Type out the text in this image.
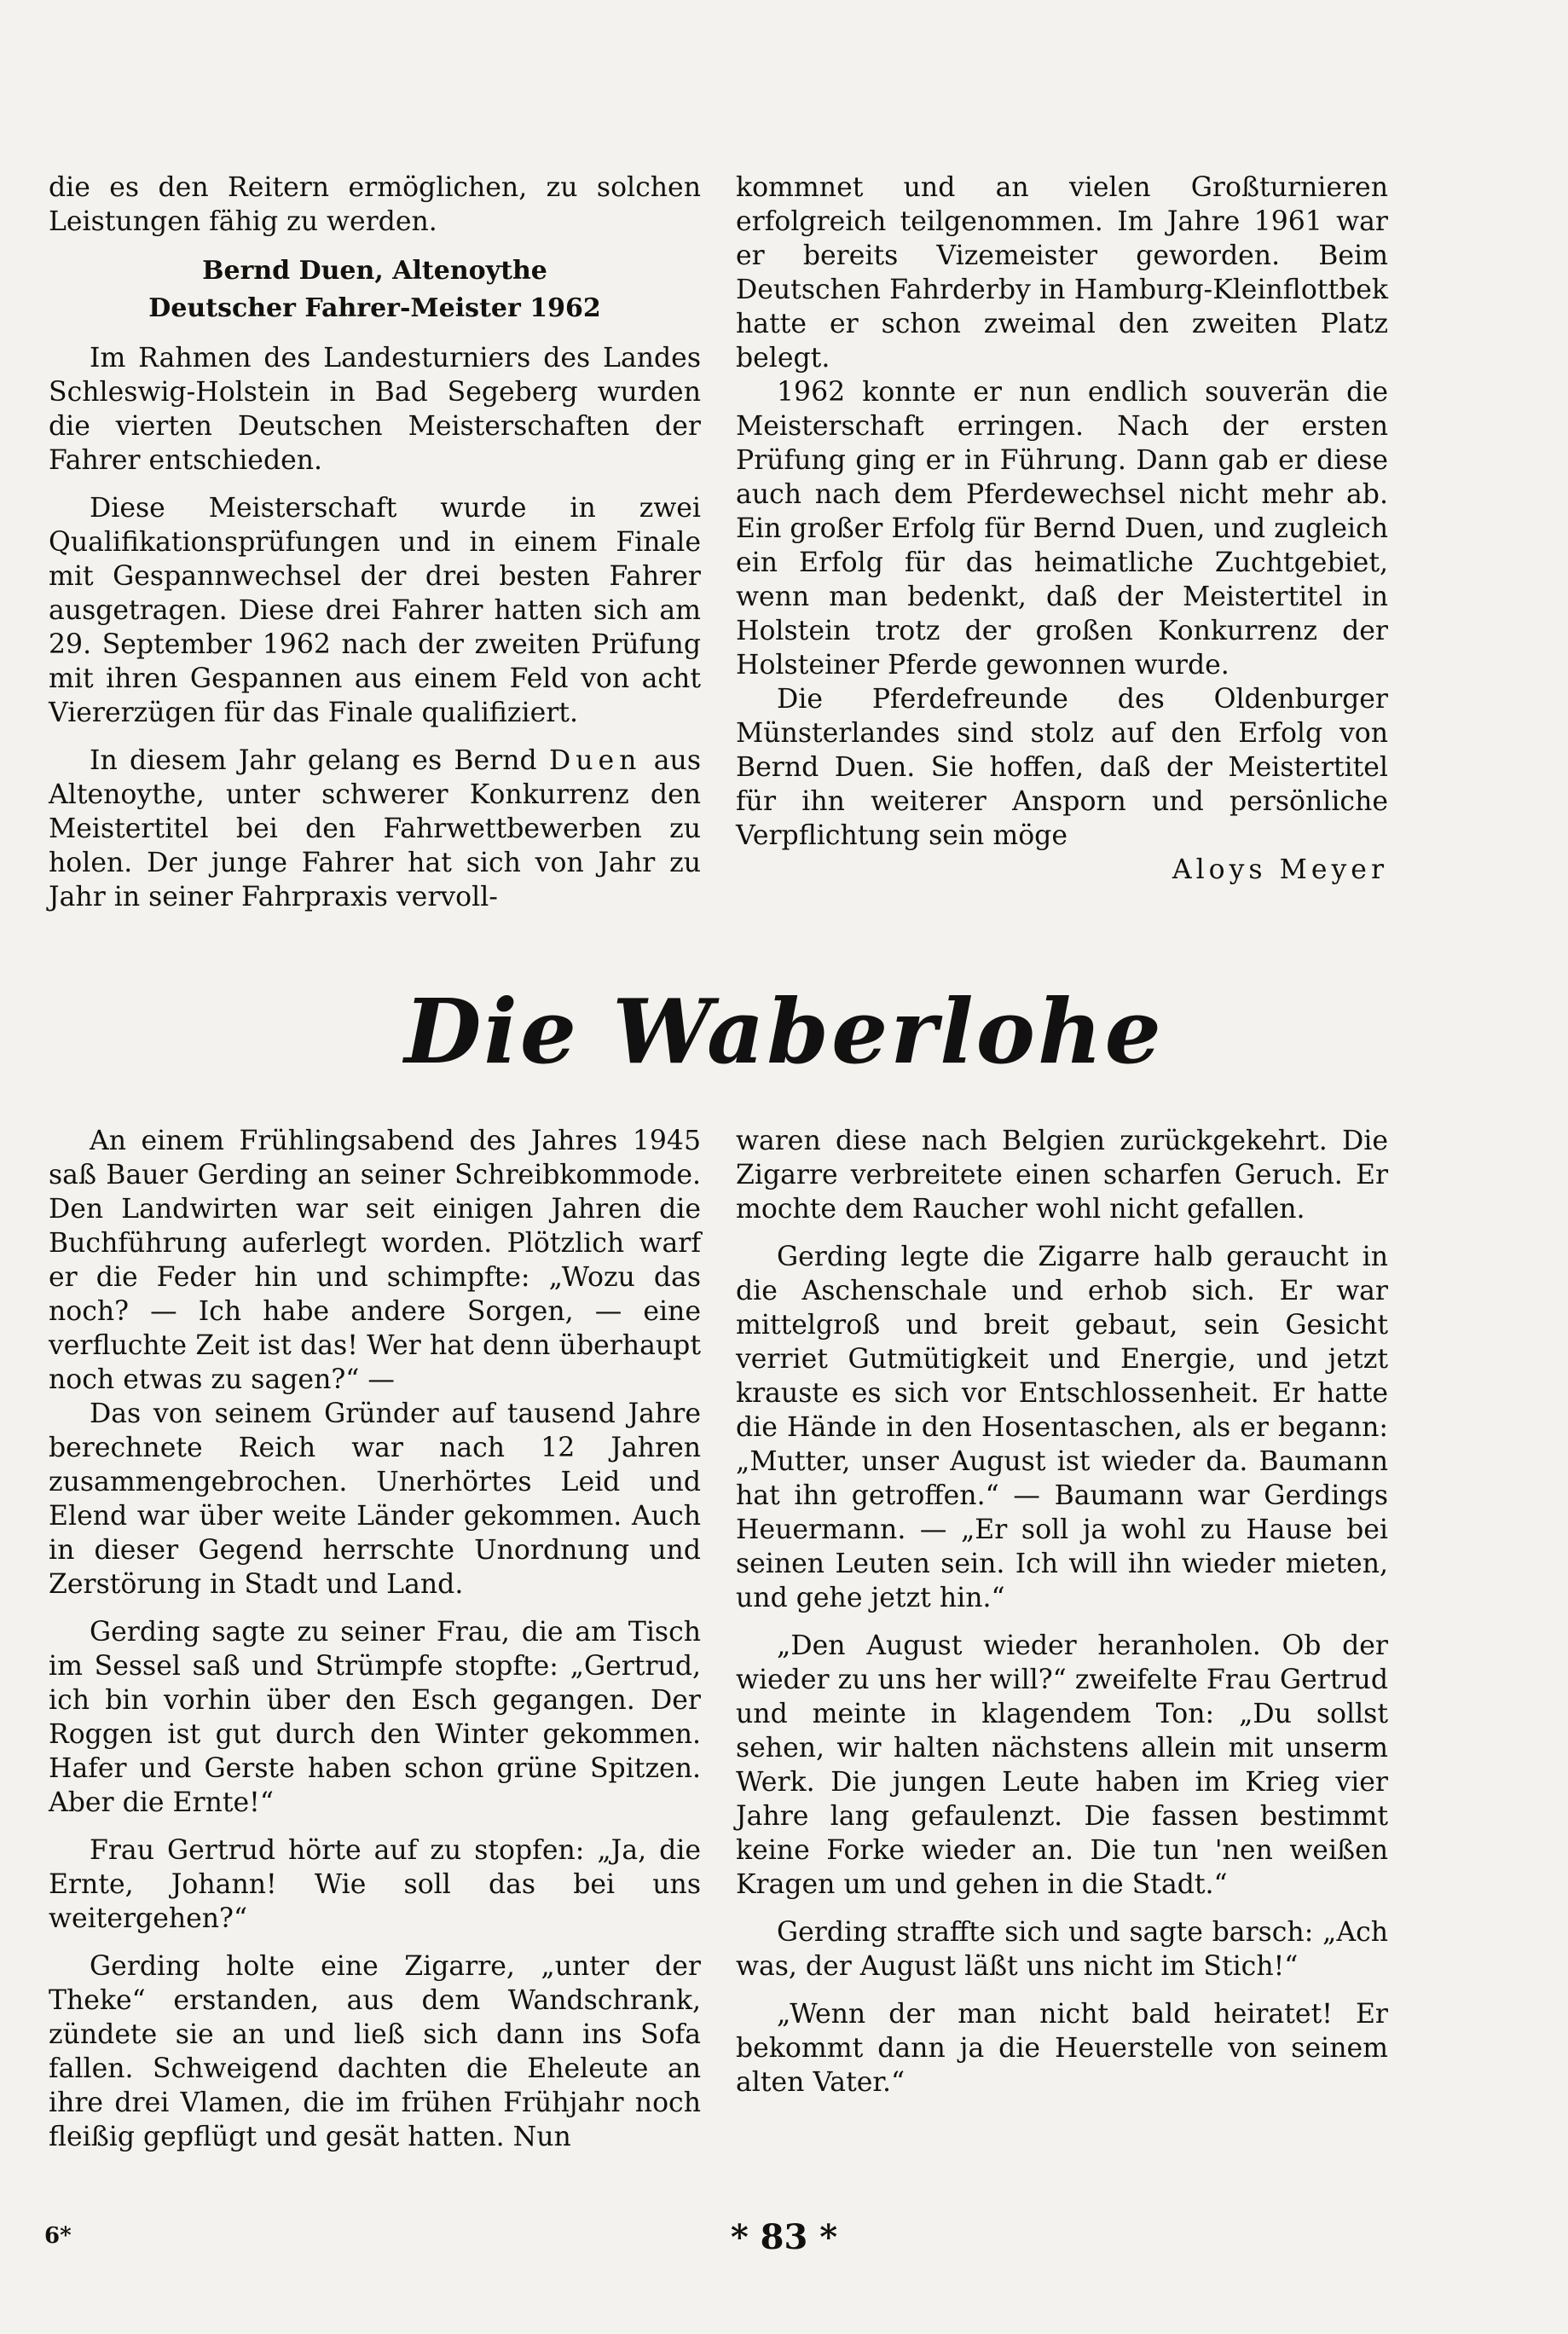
die es den Reitern ermöglichen, zu solchen Leistungen fähig zu werden.

Bernd Duen, Altenoythe

Deutscher Fahrer-Meister 1962

Im Rahmen des Landesturniers des Landes Schleswig-Holstein in Bad Segeberg wurden die vierten Deutschen Meisterschaften der Fahrer entschieden.

Diese Meisterschaft wurde in zwei Qualifikationsprüfungen und in einem Finale mit Gespannwechsel der drei besten Fahrer ausgetragen. Diese drei Fahrer hatten sich am 29. September 1962 nach der zweiten Prüfung mit ihren Gespannen aus einem Feld von acht Viererzügen für das Finale qualifiziert.

In diesem Jahr gelang es Bernd Duen aus Altenoythe, unter schwerer Konkurrenz den Meistertitel bei den Fahrwettbewerben zu holen. Der junge Fahrer hat sich von Jahr zu Jahr in seiner Fahrpraxis vervoll-

kommnet und an vielen Großturnieren erfolgreich teilgenommen. Im Jahre 1961 war er bereits Vizemeister geworden. Beim Deutschen Fahrderby in Hamburg-Kleinflottbek hatte er schon zweimal den zweiten Platz belegt.

1962 konnte er nun endlich souverän die Meisterschaft erringen. Nach der ersten Prüfung ging er in Führung. Dann gab er diese auch nach dem Pferdewechsel nicht mehr ab. Ein großer Erfolg für Bernd Duen, und zugleich ein Erfolg für das heimatliche Zuchtgebiet, wenn man bedenkt, daß der Meistertitel in Holstein trotz der großen Konkurrenz der Holsteiner Pferde gewonnen wurde.

Die Pferdefreunde des Oldenburger Münsterlandes sind stolz auf den Erfolg von Bernd Duen. Sie hoffen, daß der Meistertitel für ihn weiterer Ansporn und persönliche Verpflichtung sein möge

Aloys Meyer

Die Waberlohe

An einem Frühlingsabend des Jahres 1945 saß Bauer Gerding an seiner Schreibkommode. Den Landwirten war seit einigen Jahren die Buchführung auferlegt worden. Plötzlich warf er die Feder hin und schimpfte: „Wozu das noch? — Ich habe andere Sorgen, — eine verfluchte Zeit ist das! Wer hat denn überhaupt noch etwas zu sagen?“ —

Das von seinem Gründer auf tausend Jahre berechnete Reich war nach 12 Jahren zusammengebrochen. Unerhörtes Leid und Elend war über weite Länder gekommen. Auch in dieser Gegend herrschte Unordnung und Zerstörung in Stadt und Land.

Gerding sagte zu seiner Frau, die am Tisch im Sessel saß und Strümpfe stopfte: „Gertrud, ich bin vorhin über den Esch gegangen. Der Roggen ist gut durch den Winter gekommen. Hafer und Gerste haben schon grüne Spitzen. Aber die Ernte!“

Frau Gertrud hörte auf zu stopfen: „Ja, die Ernte, Johann! Wie soll das bei uns weitergehen?“

Gerding holte eine Zigarre, „unter der Theke“ erstanden, aus dem Wandschrank, zündete sie an und ließ sich dann ins Sofa fallen. Schweigend dachten die Eheleute an ihre drei Vlamen, die im frühen Frühjahr noch fleißig gepflügt und gesät hatten. Nun

waren diese nach Belgien zurückgekehrt. Die Zigarre verbreitete einen scharfen Geruch. Er mochte dem Raucher wohl nicht gefallen.

Gerding legte die Zigarre halb geraucht in die Aschenschale und erhob sich. Er war mittelgroß und breit gebaut, sein Gesicht verriet Gutmütigkeit und Energie, und jetzt krauste es sich vor Entschlossenheit. Er hatte die Hände in den Hosentaschen, als er begann: „Mutter, unser August ist wieder da. Baumann hat ihn getroffen.“ — Baumann war Gerdings Heuermann. — „Er soll ja wohl zu Hause bei seinen Leuten sein. Ich will ihn wieder mieten, und gehe jetzt hin.“

„Den August wieder heranholen. Ob der wieder zu uns her will?“ zweifelte Frau Gertrud und meinte in klagendem Ton: „Du sollst sehen, wir halten nächstens allein mit unserm Werk. Die jungen Leute haben im Krieg vier Jahre lang gefaulenzt. Die fassen bestimmt keine Forke wieder an. Die tun 'nen weißen Kragen um und gehen in die Stadt.“

Gerding straffte sich und sagte barsch: „Ach was, der August läßt uns nicht im Stich!“

„Wenn der man nicht bald heiratet! Er bekommt dann ja die Heuerstelle von seinem alten Vater.“

6*	* 83 *
